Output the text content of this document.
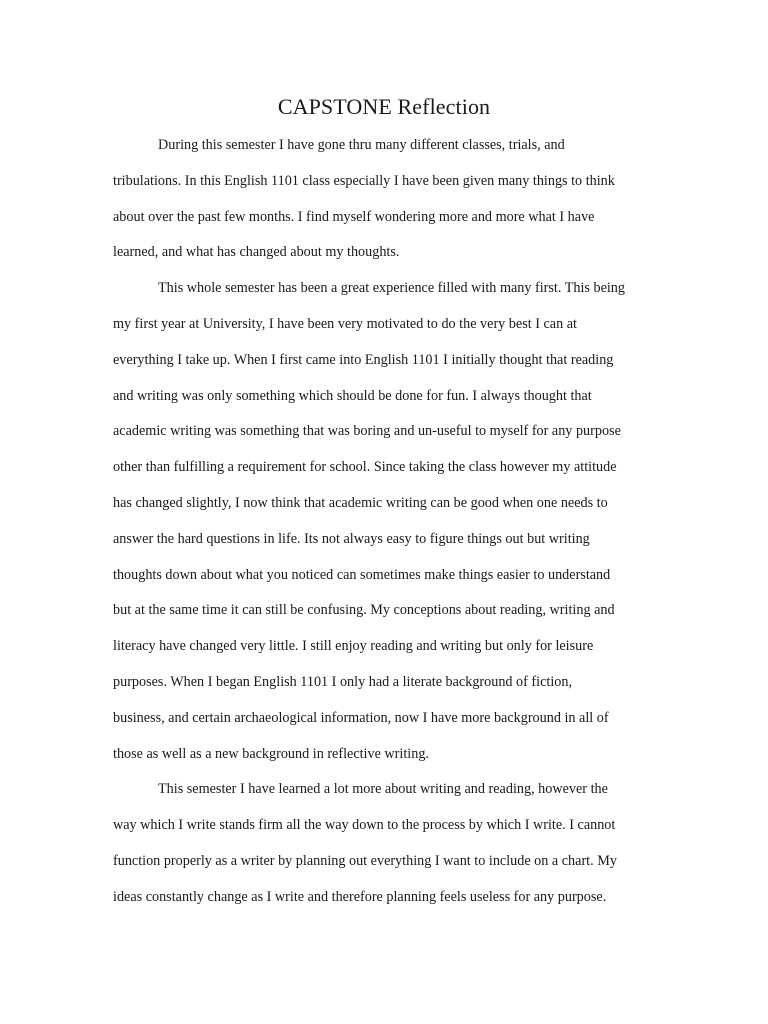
CAPSTONE Reflection

During this semester I have gone thru many different classes, trials, and
tribulations. In this English 1101 class especially I have been given many things to think
about over the past few months. I find myself wondering more and more what I have
learned, and what has changed about my thoughts.

This whole semester has been a great experience filled with many first. This being
my first year at University, I have been very motivated to do the very best I can at
everything I take up. When I first came into English 1101 I initially thought that reading
and writing was only something which should be done for fun. I always thought that
academic writing was something that was boring and un-useful to myself for any purpose
other than fulfilling a requirement for school. Since taking the class however my attitude
has changed slightly, I now think that academic writing can be good when one needs to
answer the hard questions in life. Its not always easy to figure things out but writing
thoughts down about what you noticed can sometimes make things easier to understand
but at the same time it can still be confusing. My conceptions about reading, writing and
literacy have changed very little. I still enjoy reading and writing but only for leisure
purposes. When I began English 1101 I only had a literate background of fiction,
business, and certain archaeological information, now I have more background in all of
those as well as a new background in reflective writing.

This semester I have learned a lot more about writing and reading, however the
way which I write stands firm all the way down to the process by which I write. I cannot
function properly as a writer by planning out everything I want to include on a chart. My
ideas constantly change as I write and therefore planning feels useless for any purpose.
